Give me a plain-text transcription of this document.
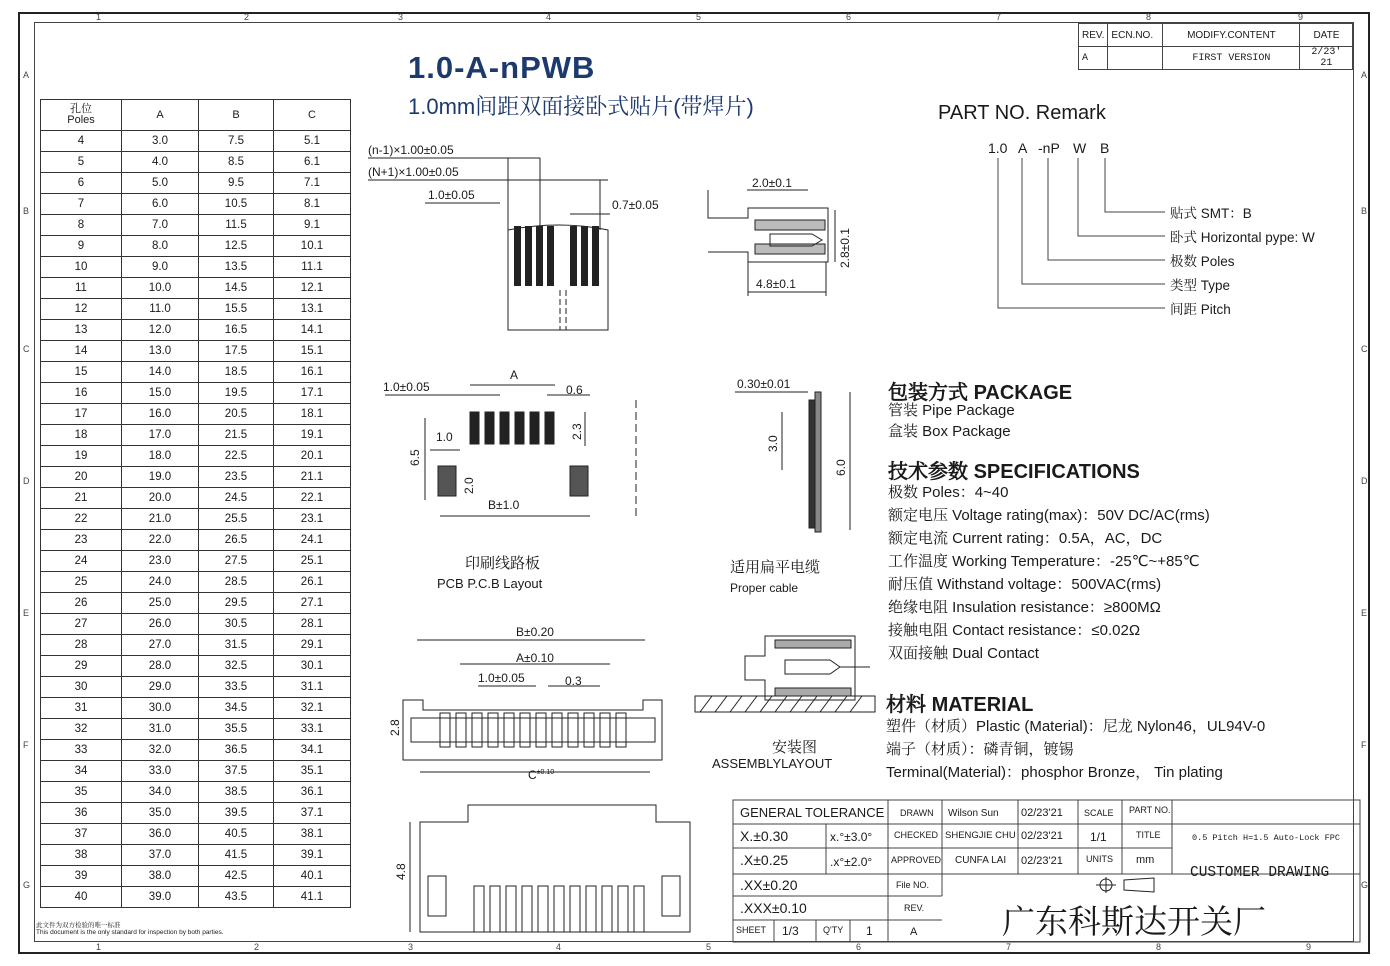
1	2	3	4	5	6	7	8	9
1	2	3	4	5	6	7	8	9
A
B
C
D
E
F
G
A
B
C
D
E
F
G
1.0-A-nPWB
1.0mm间距双面接卧式贴片(带焊片)
REV.	ECN.NO.	MODIFY.CONTENT	DATE
A		FIRST VERSION	2/23' 21
孔位
Poles	A	B	C
4	3.0	7.5	5.1
5	4.0	8.5	6.1
6	5.0	9.5	7.1
7	6.0	10.5	8.1
8	7.0	11.5	9.1
9	8.0	12.5	10.1
10	9.0	13.5	11.1
11	10.0	14.5	12.1
12	11.0	15.5	13.1
13	12.0	16.5	14.1
14	13.0	17.5	15.1
15	14.0	18.5	16.1
16	15.0	19.5	17.1
17	16.0	20.5	18.1
18	17.0	21.5	19.1
19	18.0	22.5	20.1
20	19.0	23.5	21.1
21	20.0	24.5	22.1
22	21.0	25.5	23.1
23	22.0	26.5	24.1
24	23.0	27.5	25.1
25	24.0	28.5	26.1
26	25.0	29.5	27.1
27	26.0	30.5	28.1
28	27.0	31.5	29.1
29	28.0	32.5	30.1
30	29.0	33.5	31.1
31	30.0	34.5	32.1
32	31.0	35.5	33.1
33	32.0	36.5	34.1
34	33.0	37.5	35.1
35	34.0	38.5	36.1
36	35.0	39.5	37.1
37	36.0	40.5	38.1
38	37.0	41.5	39.1
39	38.0	42.5	40.1
40	39.0	43.5	41.1
此文件为双方检验的唯一标准
This document is the only standard for inspection by both parties.
(n-1)×1.00±0.05
(N+1)×1.00±0.05
1.0±0.05
0.7±0.05
2.0±0.1
2.8±0.1
4.8±0.1
1.0±0.05
A
0.6
2.3
1.0
6.5
2.0
B±1.0
印刷线路板
PCB P.C.B Layout
0.30±0.01
3.0
6.0
适用扁平电缆
Proper cable
B±0.20
A±0.10
1.0±0.05	0.3
2.8
$C^{\pm 0.10}$
4.8
安装图
ASSEMBLYLAYOUT
PART NO. Remark
1.0 A -nP W B
贴式 SMT：B
卧式 Horizontal pype: W
极数 Poles
类型 Type
间距 Pitch
包装方式 PACKAGE
管装 Pipe Package
盒装 Box Package
技术参数 SPECIFICATIONS
极数 Poles：4~40
额定电压 Voltage rating(max)：50V DC/AC(rms)
额定电流 Current rating：0.5A，AC，DC
工作温度 Working Temperature：-25℃~+85℃
耐压值 Withstand voltage：500VAC(rms)
绝缘电阻 Insulation resistance：≥800MΩ
接触电阻 Contact resistance：≤0.02Ω
双面接触 Dual Contact
材料 MATERIAL
塑件（材质）Plastic (Material)：尼龙 Nylon46，UL94V-0
端子（材质）：磷青铜，镀锡
Terminal(Material)：phosphor Bronze， Tin plating
GENERAL TOLERANCE
X.±0.30	x.°±3.0°
.X±0.25	.x°±2.0°
.XX±0.20
.XXX±0.10
DRAWN Wilson Sun 02/23'21
CHECKED SHENGJIE CHU 02/23'21
APPROVED CUNFA LAI 02/23'21
SCALE
1/1
UNITS mm
PART NO.
TITLE	0.5 Pitch H=1.5 Auto-Lock FPC
CUSTOMER DRAWING
File NO.
REV.
A
SHEET 1/3	Q'TY 1	广东科斯达开关厂
